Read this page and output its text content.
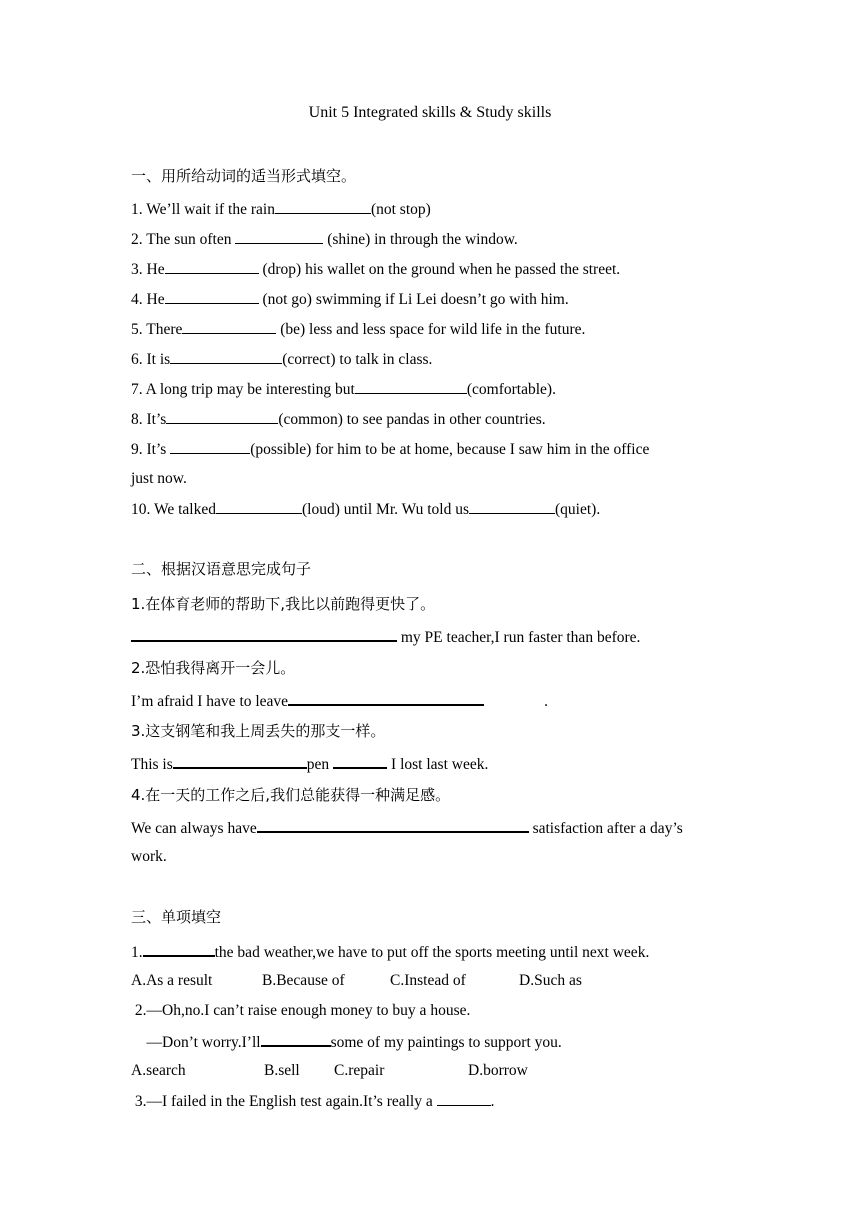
Unit 5 Integrated skills & Study skills
一、用所给动词的适当形式填空。
1. We’ll wait if the rain	(not stop)
2. The sun often	(shine) in through the window.
3. He	(drop) his wallet on the ground when he passed the street.
4. He	(not go) swimming if Li Lei doesn’t go with him.
5. There	(be) less and less space for wild life in the future.
6. It is	(correct) to talk in class.
7. A long trip may be interesting but	(comfortable).
8. It’s	(common) to see pandas in other countries.
9. It’s	(possible) for him to be at home, because I saw him in the office
just now.
10. We talked	(loud) until Mr. Wu told us	(quiet).
二、根据汉语意思完成句子
1.在体育老师的帮助下,我比以前跑得更快了。
my PE teacher,I run faster than before.
2.恐怕我得离开一会儿。
I’m afraid I have to leave	.
3.这支钢笔和我上周丢失的那支一样。
This is	pen	I lost last week.
4.在一天的工作之后,我们总能获得一种满足感。
We can always have	satisfaction after a day’s
work.
三、单项填空
1.	the bad weather,we have to put off the sports meeting until next week.
A.As a result	B.Because of	C.Instead of	D.Such as
2.—Oh,no.I can’t raise enough money to buy a house.
—Don’t worry.I’ll	some of my paintings to support you.
A.search	B.sell C.repair	D.borrow
3.—I failed in the English test again.It’s really a	.
